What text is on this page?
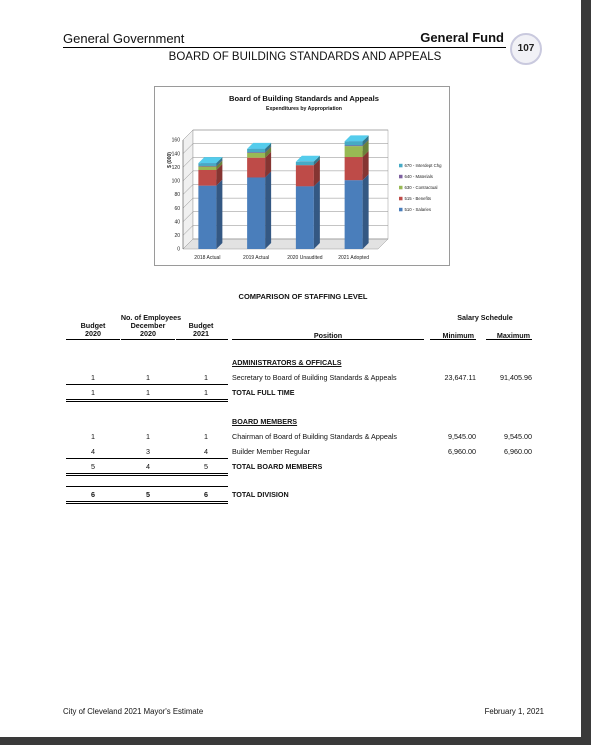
General Government	General Fund
107
BOARD OF BUILDING STANDARDS AND APPEALS
0
20
40
60
80
100
120
140
160
2018 Actual	2019 Actual	2020 Unaudited	2021 Adopted
670 - Interdept Chg
640 - Materials
630 - Contractual
515 - Benefits
510 - Salaries
Board of Building Standards and Appeals
Expenditures by Appropriation
$ (000)
COMPARISON OF STAFFING LEVEL
No. of Employees	Salary Schedule
Budget
2020
December
2020
Budget
2021	Position	Minimum	Maximum
ADMINISTRATORS & OFFICALS
1	1	1	Secretary to Board of Building Standards & Appeals	23,647.11	91,405.96
1	1	1	TOTAL FULL TIME
BOARD MEMBERS
1	1	1	Chairman of Board of Building Standards & Appeals	9,545.00	9,545.00
4	3	4	Builder Member Regular	6,960.00	6,960.00
5	4	5	TOTAL BOARD MEMBERS
6	5	6	TOTAL DIVISION
City of Cleveland 2021 Mayor's Estimate	February 1, 2021
